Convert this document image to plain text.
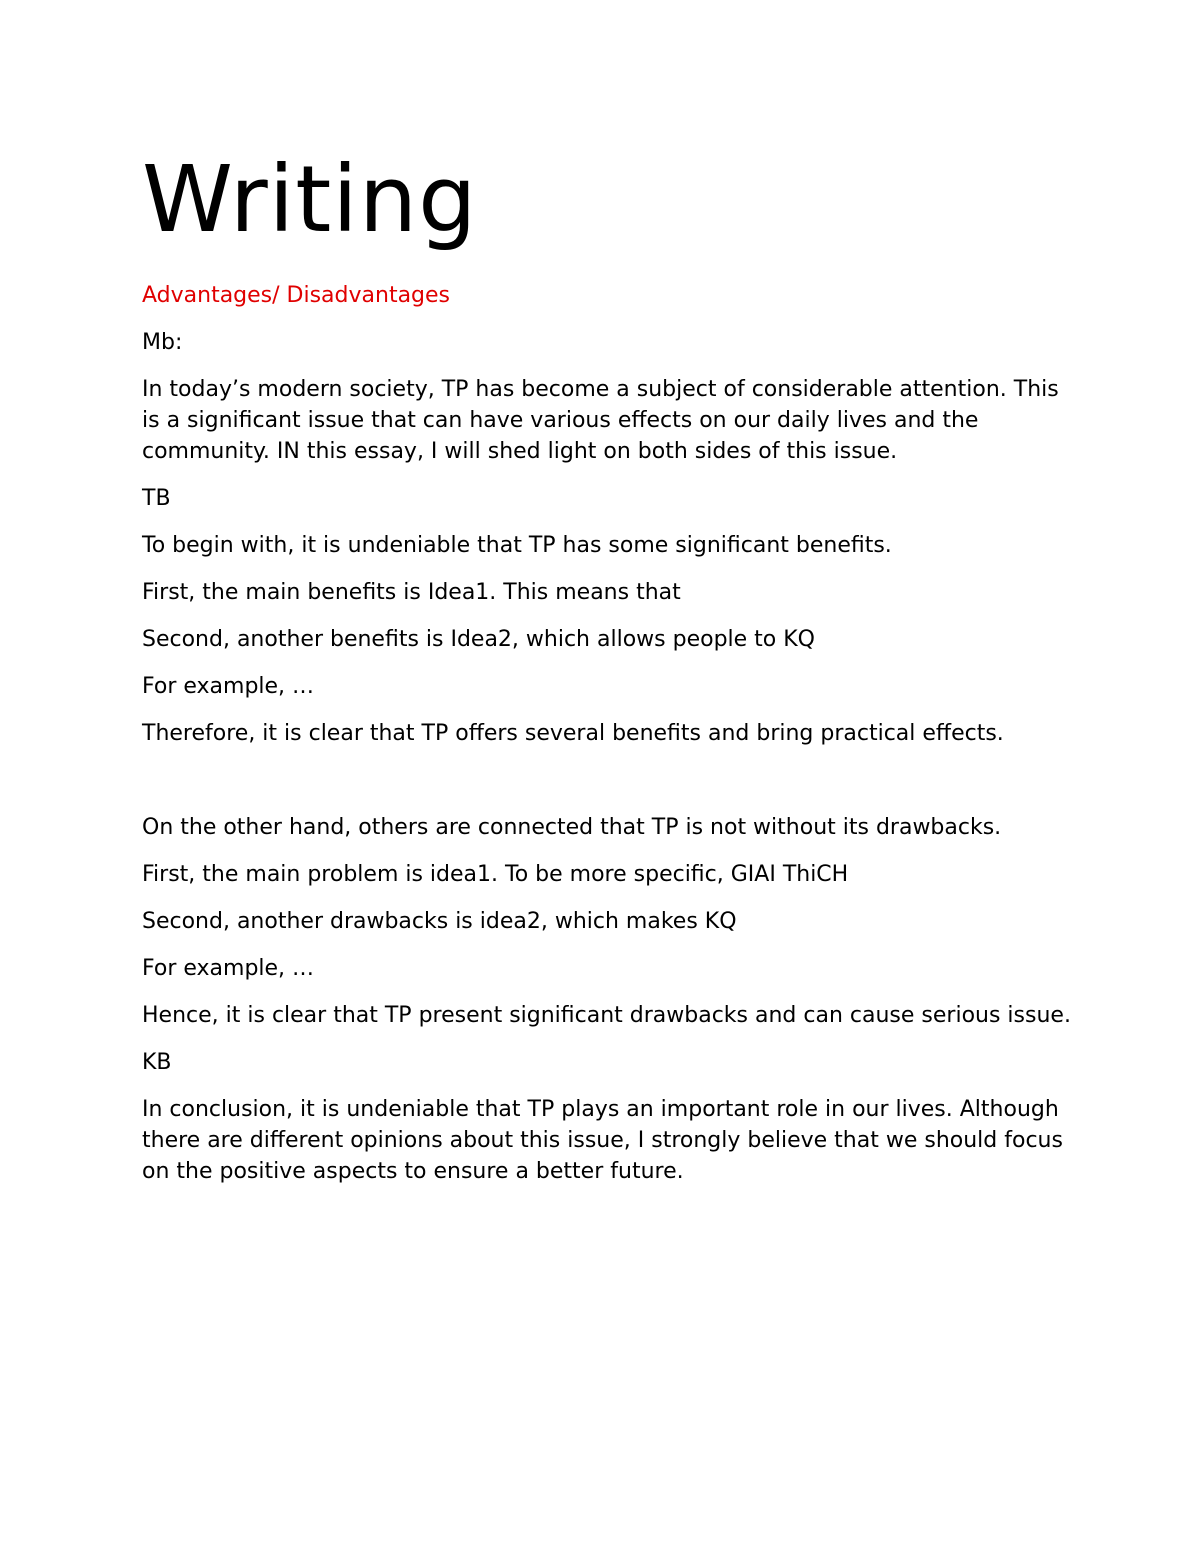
Writing
Advantages/ Disadvantages

Mb:

In today’s modern society, TP has become a subject of considerable attention. This is a significant issue that can have various effects on our daily lives and the community. IN this essay, I will shed light on both sides of this issue.

TB

To begin with, it is undeniable that TP has some significant benefits.

First, the main benefits is Idea1. This means that

Second, another benefits is Idea2, which allows people to KQ

For example, …

Therefore, it is clear that TP offers several benefits and bring practical effects.

On the other hand, others are connected that TP is not without its drawbacks.

First, the main problem is idea1. To be more specific, GIAI ThiCH

Second, another drawbacks is idea2, which makes KQ

For example, …

Hence, it is clear that TP present significant drawbacks and can cause serious issue.

KB

In conclusion, it is undeniable that TP plays an important role in our lives. Although there are different opinions about this issue, I strongly believe that we should focus on the positive aspects to ensure a better future.
